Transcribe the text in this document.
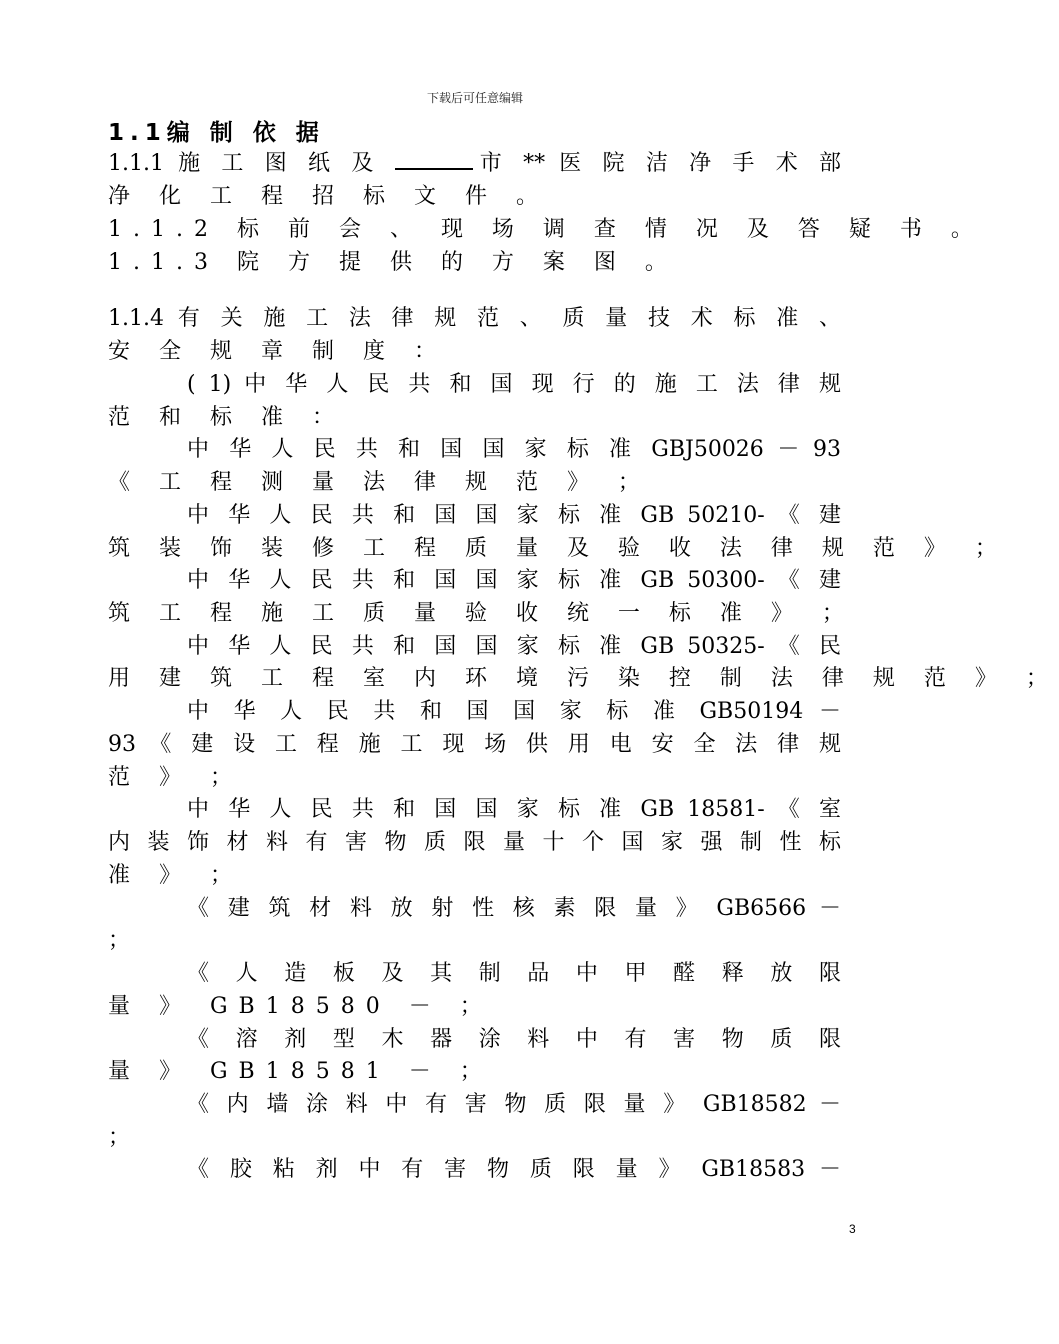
下载后可任意编辑
1.1编 制 依 据
1.1.1 施 工 图 纸 及	市 ** 医 院 洁 净 手 术 部
净 化 工 程 招 标 文 件 。
1.1.2 标 前 会 、 现 场 调 查 情 况 及 答 疑 书 。
1.1.3 院 方 提 供 的 方 案 图 。
1.1.4 有 关 施 工 法 律 规 范 、 质 量 技 术 标 准 、
安 全 规 章 制 度 ：
( 1) 中 华 人 民 共 和 国 现 行 的 施 工 法 律 规
范 和 标 准 ：
中 华 人 民 共 和 国 国 家 标 准 GBJ50026 － 93
《 工 程 测 量 法 律 规 范 》 ；
中 华 人 民 共 和 国 国 家 标 准 GB 50210- 《 建
筑 装 饰 装 修 工 程 质 量 及 验 收 法 律 规 范 》 ；
中 华 人 民 共 和 国 国 家 标 准 GB 50300- 《 建
筑 工 程 施 工 质 量 验 收 统 一 标 准 》 ；
中 华 人 民 共 和 国 国 家 标 准 GB 50325- 《 民
用 建 筑 工 程 室 内 环 境 污 染 控 制 法 律 规 范 》 ；
中 华 人 民 共 和 国 国 家 标 准 GB50194 －
93 《 建 设 工 程 施 工 现 场 供 用 电 安 全 法 律 规
范 》 ；
中 华 人 民 共 和 国 国 家 标 准 GB 18581- 《 室
内 装 饰 材 料 有 害 物 质 限 量 十 个 国 家 强 制 性 标
准 》 ；
《 建 筑 材 料 放 射 性 核 素 限 量 》 GB6566 －
；
《 人 造 板 及 其 制 品 中 甲 醛 释 放 限
量 》 GB18580 － ；
《 溶 剂 型 木 器 涂 料 中 有 害 物 质 限
量 》 GB18581 － ；
《 内 墙 涂 料 中 有 害 物 质 限 量 》 GB18582 －
；
《 胶 粘 剂 中 有 害 物 质 限 量 》 GB18583 －
3
